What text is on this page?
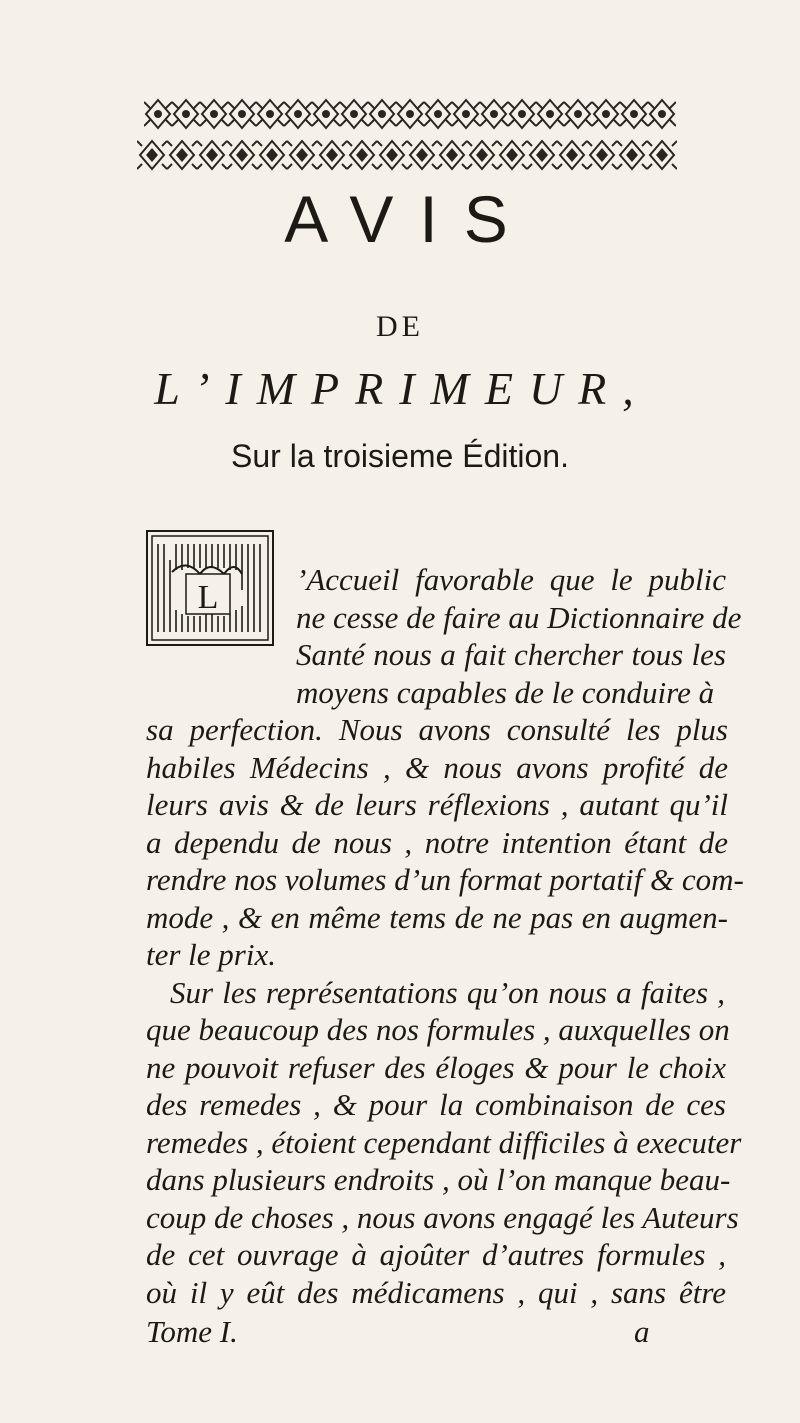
AVIS
DE
L’IMPRIMEUR,
Sur la troisieme Édition.
L	’Accueil favorable que le public
ne cesse de faire au Dictionnaire de
Santé nous a fait chercher tous les
moyens capables de le conduire à
sa perfection. Nous avons consulté les plus
habiles Médecins , & nous avons profité de
leurs avis & de leurs réflexions , autant qu’il
a dependu de nous , notre intention étant de
rendre nos volumes d’un format portatif & com-
mode , & en même tems de ne pas en augmen-
ter le prix.
Sur les représentations qu’on nous a faites ,
que beaucoup des nos formules , auxquelles on
ne pouvoit refuser des éloges & pour le choix
des remedes , & pour la combinaison de ces
remedes , étoient cependant difficiles à executer
dans plusieurs endroits , où l’on manque beau-
coup de choses , nous avons engagé les Auteurs
de cet ouvrage à ajoûter d’autres formules ,
où il y eût des médicamens , qui , sans être
Tome I.	a
